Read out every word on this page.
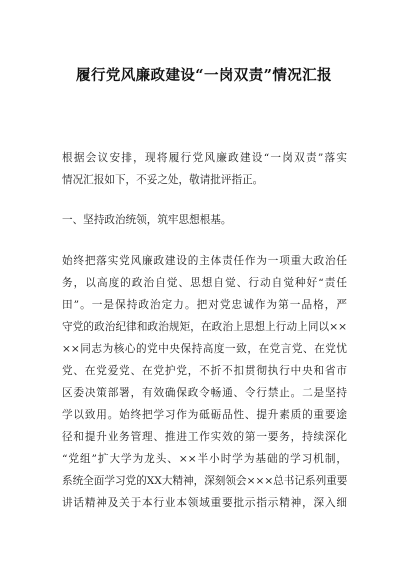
履行党风廉政建设“一岗双责”情况汇报
根据会议安排，现将履行党风廉政建设“一岗双责”落实
情况汇报如下，不妥之处，敬请批评指正。
一、坚持政治统领，筑牢思想根基。
始终把落实党风廉政建设的主体责任作为一项重大政治任
务，以高度的政治自觉、思想自觉、行动自觉种好“责任
田”。一是保持政治定力。把对党忠诚作为第一品格，严
守党的政治纪律和政治规矩，在政治上思想上行动上同以××
××同志为核心的党中央保持高度一致，在党言党、在党忧
党、在党爱党、在党护党，不折不扣贯彻执行中央和省市
区委决策部署，有效确保政令畅通、令行禁止。二是坚持
学以致用。始终把学习作为砥砺品性、提升素质的重要途
径和提升业务管理、推进工作实效的第一要务，持续深化
“党组”扩大学为龙头、××半小时学为基础的学习机制，
系统全面学习党的XX大精神，深刻领会×××总书记系列重要
讲话精神及关于本行业本领域重要批示指示精神，深入细
